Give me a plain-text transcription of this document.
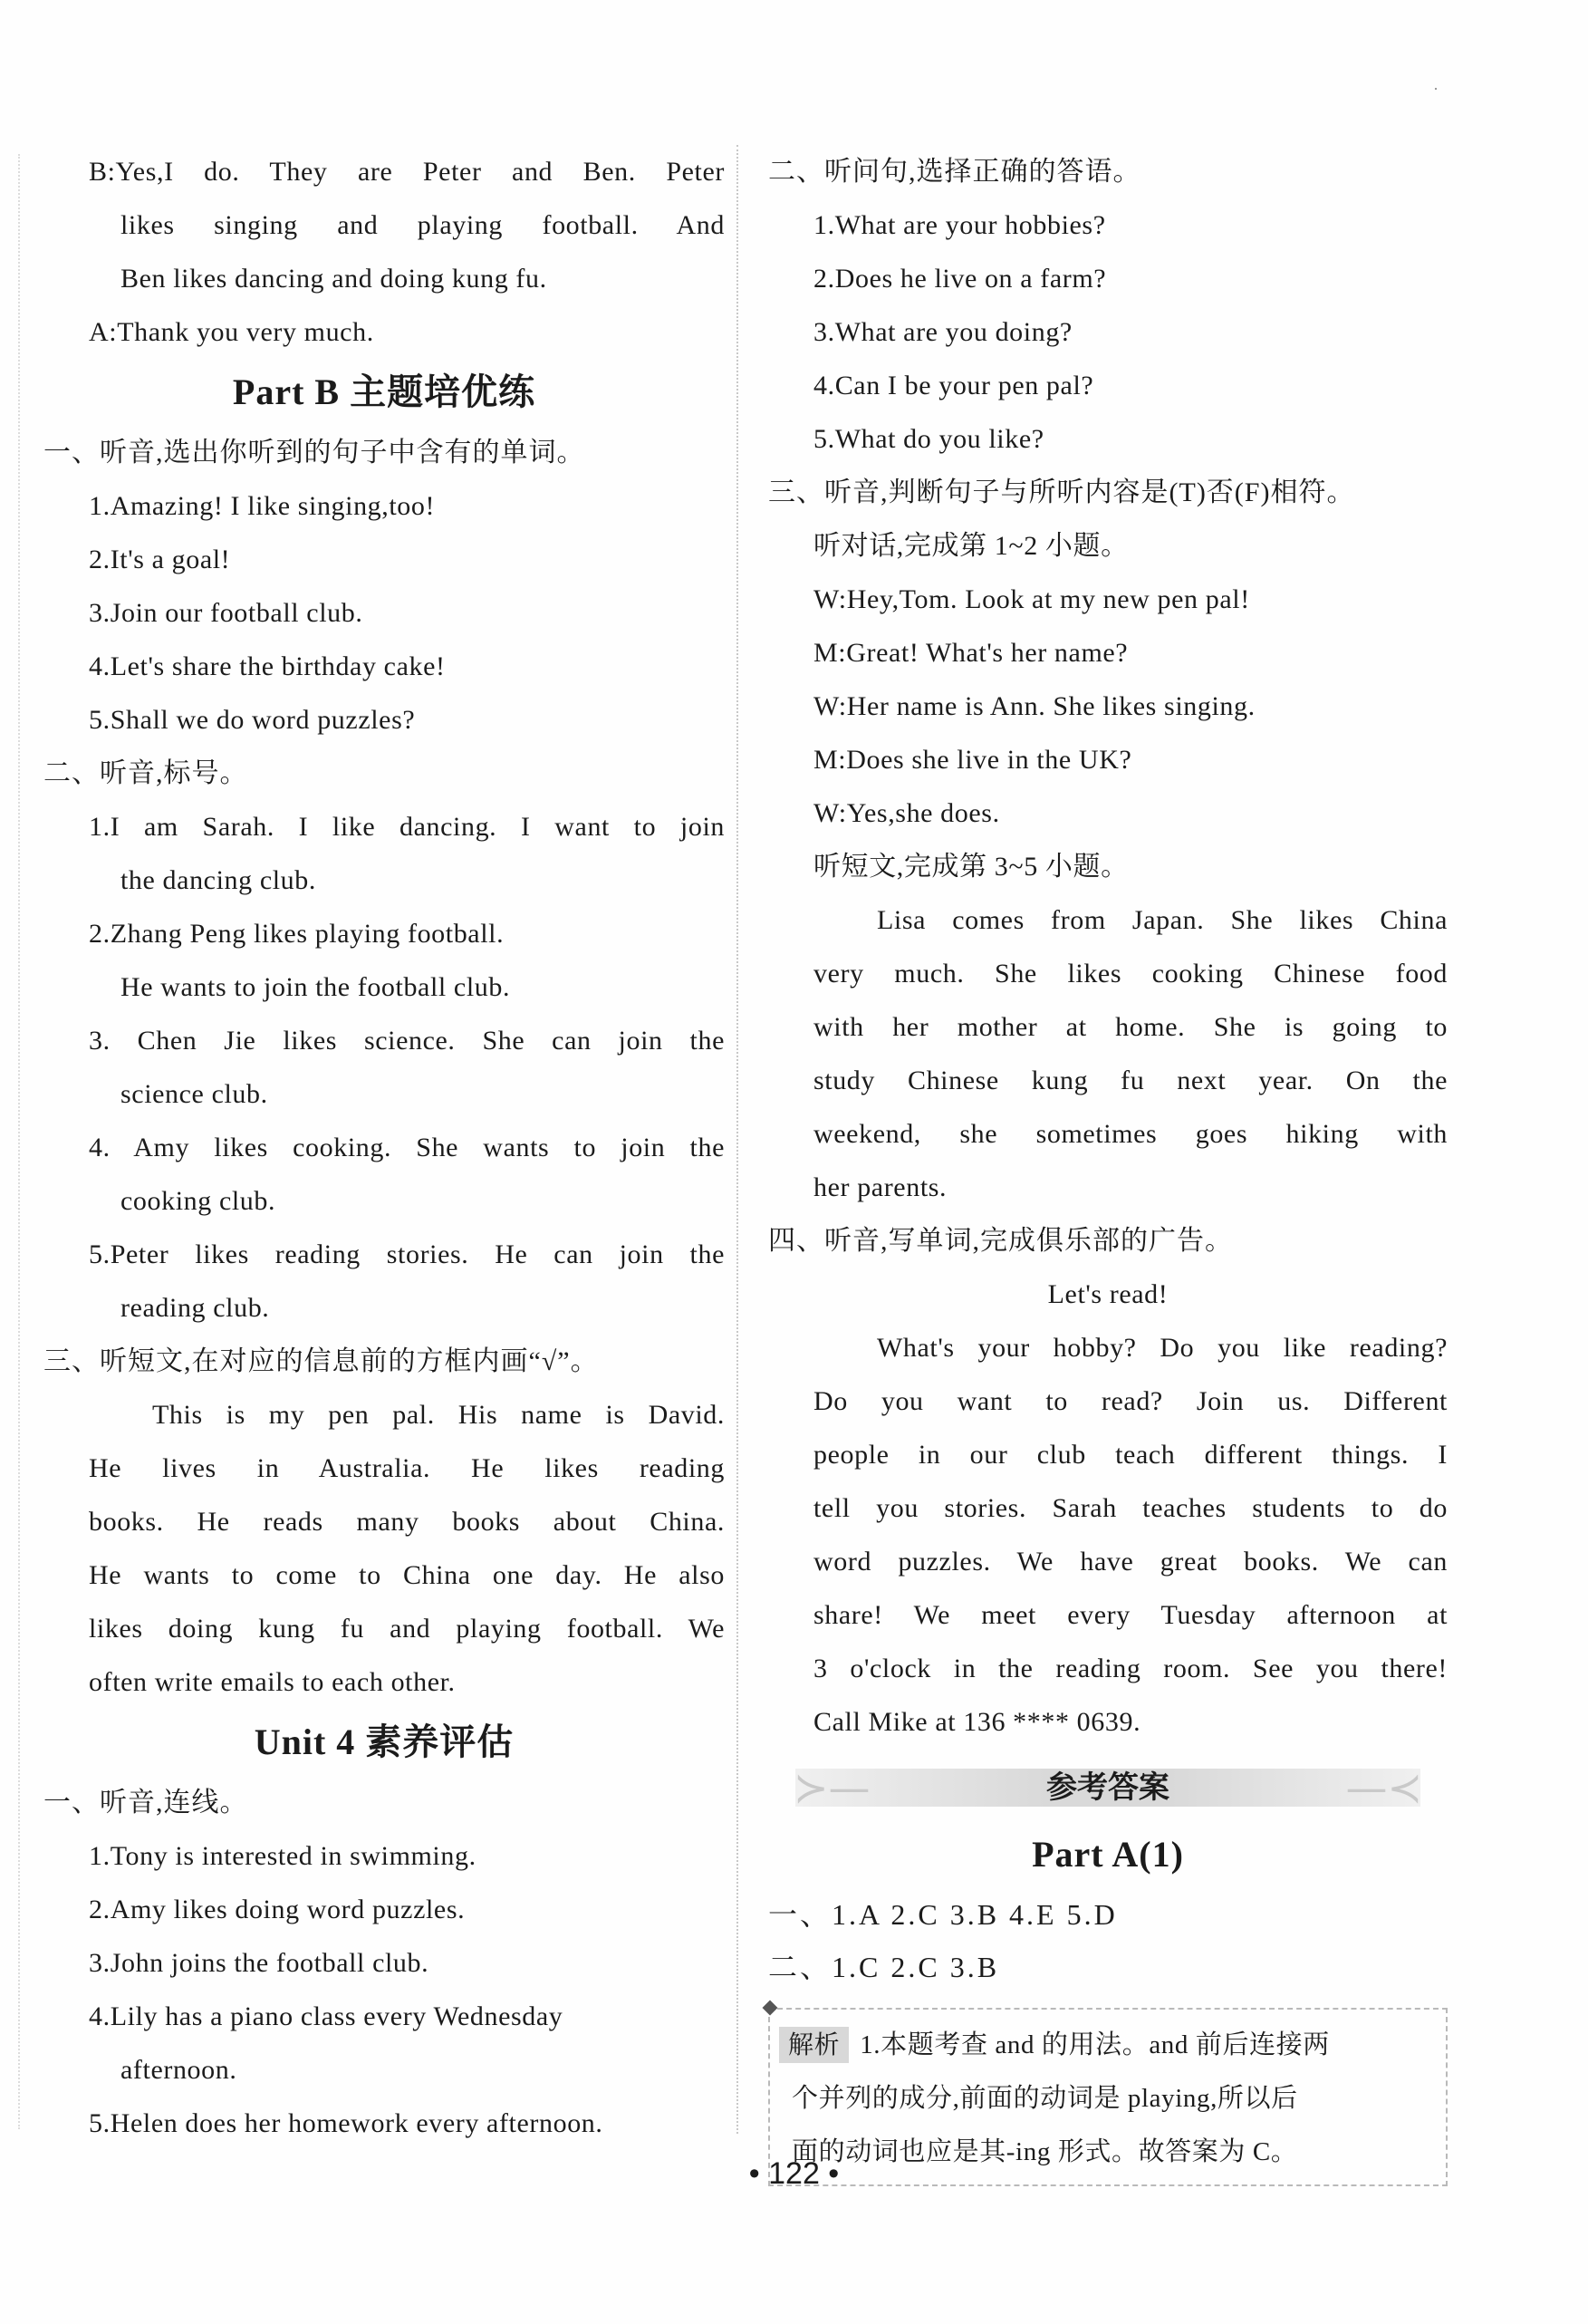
·
B:Yes,I do. They are Peter and Ben. Peter
likes singing and playing football. And
Ben likes dancing and doing kung fu.
A:Thank you very much.
Part B 主题培优练
一、听音,选出你听到的句子中含有的单词。
1.Amazing! I like singing,too!
2.It's a goal!
3.Join our football club.
4.Let's share the birthday cake!
5.Shall we do word puzzles?
二、听音,标号。
1.I am Sarah. I like dancing. I want to join
the dancing club.
2.Zhang Peng likes playing football.
He wants to join the football club.
3. Chen Jie likes science. She can join the
science club.
4. Amy likes cooking. She wants to join the
cooking club.
5.Peter likes reading stories. He can join the
reading club.
三、听短文,在对应的信息前的方框内画“√”。
This is my pen pal. His name is David.
He lives in Australia. He likes reading
books. He reads many books about China.
He wants to come to China one day. He also
likes doing kung fu and playing football. We
often write emails to each other.
Unit 4 素养评估
一、听音,连线。
1.Tony is interested in swimming.
2.Amy likes doing word puzzles.
3.John joins the football club.
4.Lily has a piano class every Wednesday
afternoon.
5.Helen does her homework every afternoon.
二、听问句,选择正确的答语。
1.What are your hobbies?
2.Does he live on a farm?
3.What are you doing?
4.Can I be your pen pal?
5.What do you like?
三、听音,判断句子与所听内容是(T)否(F)相符。
听对话,完成第 1~2 小题。
W:Hey,Tom. Look at my new pen pal!
M:Great! What's her name?
W:Her name is Ann. She likes singing.
M:Does she live in the UK?
W:Yes,she does.
听短文,完成第 3~5 小题。
Lisa comes from Japan. She likes China
very much. She likes cooking Chinese food
with her mother at home. She is going to
study Chinese kung fu next year. On the
weekend, she sometimes goes hiking with
her parents.
四、听音,写单词,完成俱乐部的广告。
Let's read!
What's your hobby? Do you like reading?
Do you want to read? Join us. Different
people in our club teach different things. I
tell you stories. Sarah teaches students to do
word puzzles. We have great books. We can
share! We meet every Tuesday afternoon at
3 o'clock in the reading room. See you there!
Call Mike at 136 **** 0639.
≻—	—≺
参考答案
Part A(1)
一、1.A 2.C 3.B 4.E 5.D
二、1.C 2.C 3.B
解析 1.本题考查 and 的用法。and 前后连接两
个并列的成分,前面的动词是 playing,所以后
面的动词也应是其-ing 形式。故答案为 C。
• 122 •
